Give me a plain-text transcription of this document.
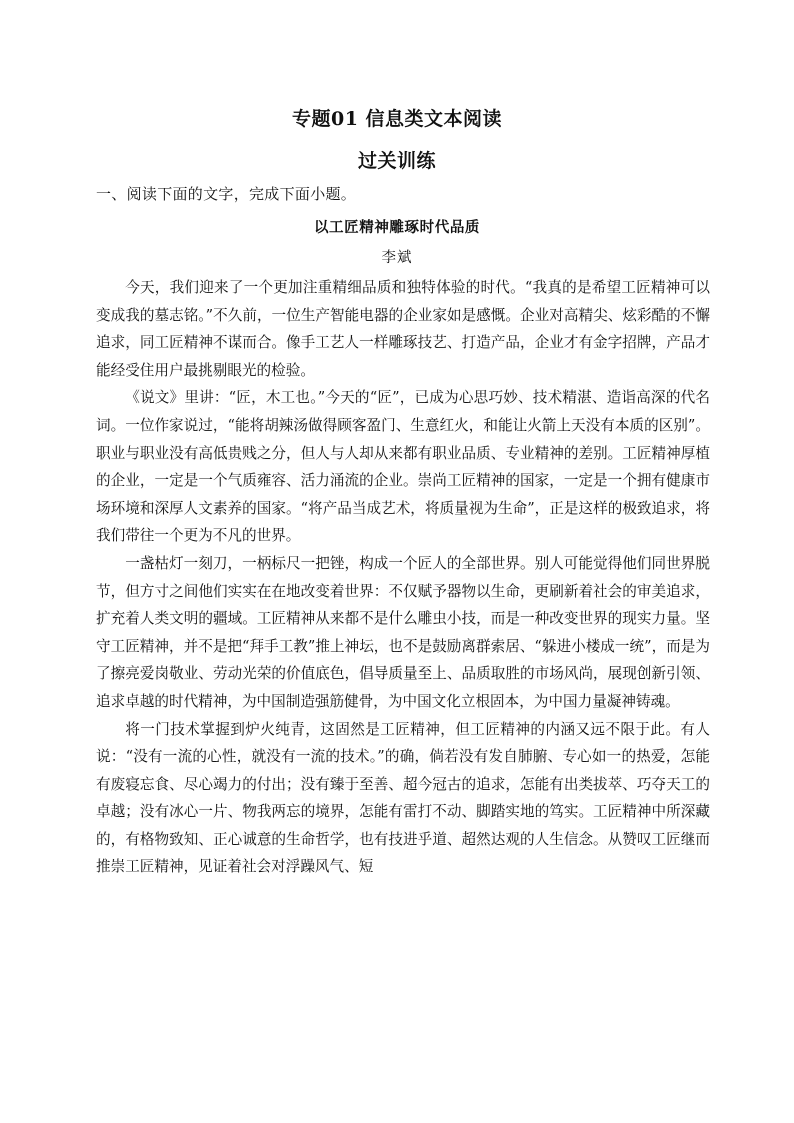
专题01 信息类文本阅读
过关训练
一、阅读下面的文字，完成下面小题。
以工匠精神雕琢时代品质
李斌

今天，我们迎来了一个更加注重精细品质和独特体验的时代。“我真的是希望工匠精神可以变成我的墓志铭。”不久前，一位生产智能电器的企业家如是感慨。企业对高精尖、炫彩酷的不懈追求，同工匠精神不谋而合。像手工艺人一样雕琢技艺、打造产品，企业才有金字招牌，产品才能经受住用户最挑剔眼光的检验。

《说文》里讲：“匠，木工也。”今天的“匠”，已成为心思巧妙、技术精湛、造诣高深的代名词。一位作家说过，“能将胡辣汤做得顾客盈门、生意红火，和能让火箭上天没有本质的区别”。职业与职业没有高低贵贱之分，但人与人却从来都有职业品质、专业精神的差别。工匠精神厚植的企业，一定是一个气质雍容、活力涌流的企业。崇尚工匠精神的国家，一定是一个拥有健康市场环境和深厚人文素养的国家。“将产品当成艺术，将质量视为生命”，正是这样的极致追求，将我们带往一个更为不凡的世界。

一盏枯灯一刻刀，一柄标尺一把锉，构成一个匠人的全部世界。别人可能觉得他们同世界脱节，但方寸之间他们实实在在地改变着世界：不仅赋予器物以生命，更刷新着社会的审美追求，扩充着人类文明的疆域。工匠精神从来都不是什么雕虫小技，而是一种改变世界的现实力量。坚守工匠精神，并不是把“拜手工教”推上神坛，也不是鼓励离群索居、“躲进小楼成一统”，而是为了擦亮爱岗敬业、劳动光荣的价值底色，倡导质量至上、品质取胜的市场风尚，展现创新引领、追求卓越的时代精神，为中国制造强筋健骨，为中国文化立根固本，为中国力量凝神铸魂。

将一门技术掌握到炉火纯青，这固然是工匠精神，但工匠精神的内涵又远不限于此。有人说：“没有一流的心性，就没有一流的技术。”的确，倘若没有发自肺腑、专心如一的热爱，怎能有废寝忘食、尽心竭力的付出；没有臻于至善、超今冠古的追求，怎能有出类拔萃、巧夺天工的卓越；没有冰心一片、物我两忘的境界，怎能有雷打不动、脚踏实地的笃实。工匠精神中所深藏的，有格物致知、正心诚意的生命哲学，也有技进乎道、超然达观的人生信念。从赞叹工匠继而推崇工匠精神，见证着社会对浮躁风气、短
